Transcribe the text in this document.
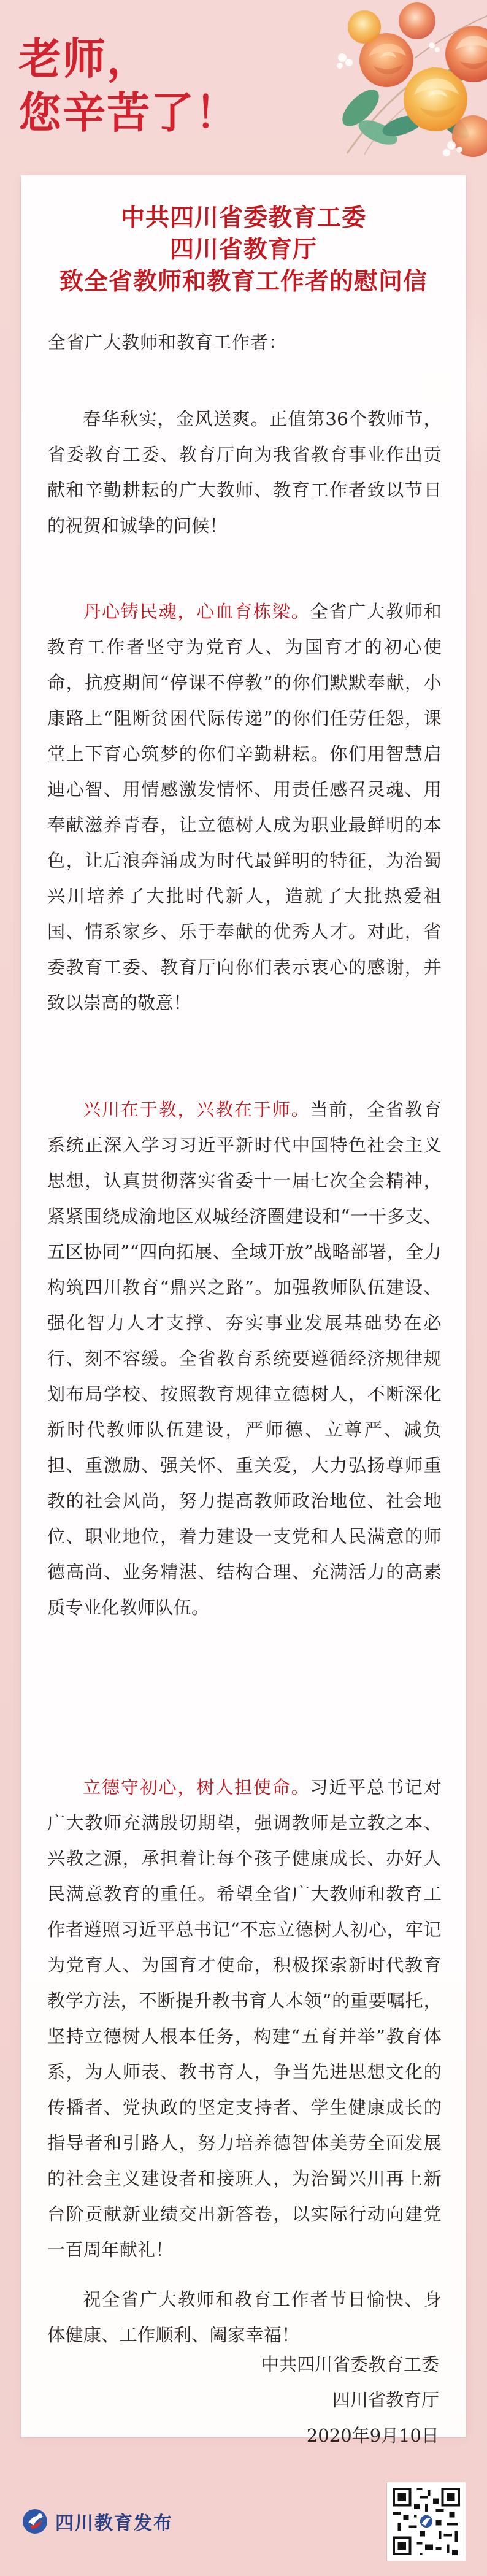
老师，
您辛苦了！
中共四川省委教育工委
四川省教育厅
致全省教师和教育工作者的慰问信
全省广大教师和教育工作者：

春华秋实，金风送爽。正值第36个教师节，省委教育工委、教育厅向为我省教育事业作出贡献和辛勤耕耘的广大教师、教育工作者致以节日的祝贺和诚挚的问候！

丹心铸民魂，心血育栋梁。全省广大教师和教育工作者坚守为党育人、为国育才的初心使命，抗疫期间“停课不停教”的你们默默奉献，小康路上“阻断贫困代际传递”的你们任劳任怨，课堂上下育心筑梦的你们辛勤耕耘。你们用智慧启迪心智、用情感激发情怀、用责任感召灵魂、用奉献滋养青春，让立德树人成为职业最鲜明的本色，让后浪奔涌成为时代最鲜明的特征，为治蜀兴川培养了大批时代新人，造就了大批热爱祖国、情系家乡、乐于奉献的优秀人才。对此，省委教育工委、教育厅向你们表示衷心的感谢，并致以崇高的敬意！

兴川在于教，兴教在于师。当前，全省教育系统正深入学习习近平新时代中国特色社会主义思想，认真贯彻落实省委十一届七次全会精神，紧紧围绕成渝地区双城经济圈建设和“一干多支、五区协同”“四向拓展、全域开放”战略部署，全力构筑四川教育“鼎兴之路”。加强教师队伍建设、强化智力人才支撑、夯实事业发展基础势在必行、刻不容缓。全省教育系统要遵循经济规律规划布局学校、按照教育规律立德树人，不断深化新时代教师队伍建设，严师德、立尊严、减负担、重激励、强关怀、重关爱，大力弘扬尊师重教的社会风尚，努力提高教师政治地位、社会地位、职业地位，着力建设一支党和人民满意的师德高尚、业务精湛、结构合理、充满活力的高素质专业化教师队伍。

立德守初心，树人担使命。习近平总书记对广大教师充满殷切期望，强调教师是立教之本、兴教之源，承担着让每个孩子健康成长、办好人民满意教育的重任。希望全省广大教师和教育工作者遵照习近平总书记“不忘立德树人初心，牢记为党育人、为国育才使命，积极探索新时代教育教学方法，不断提升教书育人本领”的重要嘱托，坚持立德树人根本任务，构建“五育并举”教育体系，为人师表、教书育人，争当先进思想文化的传播者、党执政的坚定支持者、学生健康成长的指导者和引路人，努力培养德智体美劳全面发展的社会主义建设者和接班人，为治蜀兴川再上新台阶贡献新业绩交出新答卷，以实际行动向建党一百周年献礼！

祝全省广大教师和教育工作者节日愉快、身体健康、工作顺利、阖家幸福！

中共四川省委教育工委
四川省教育厅
2020年9月10日
四川教育发布
